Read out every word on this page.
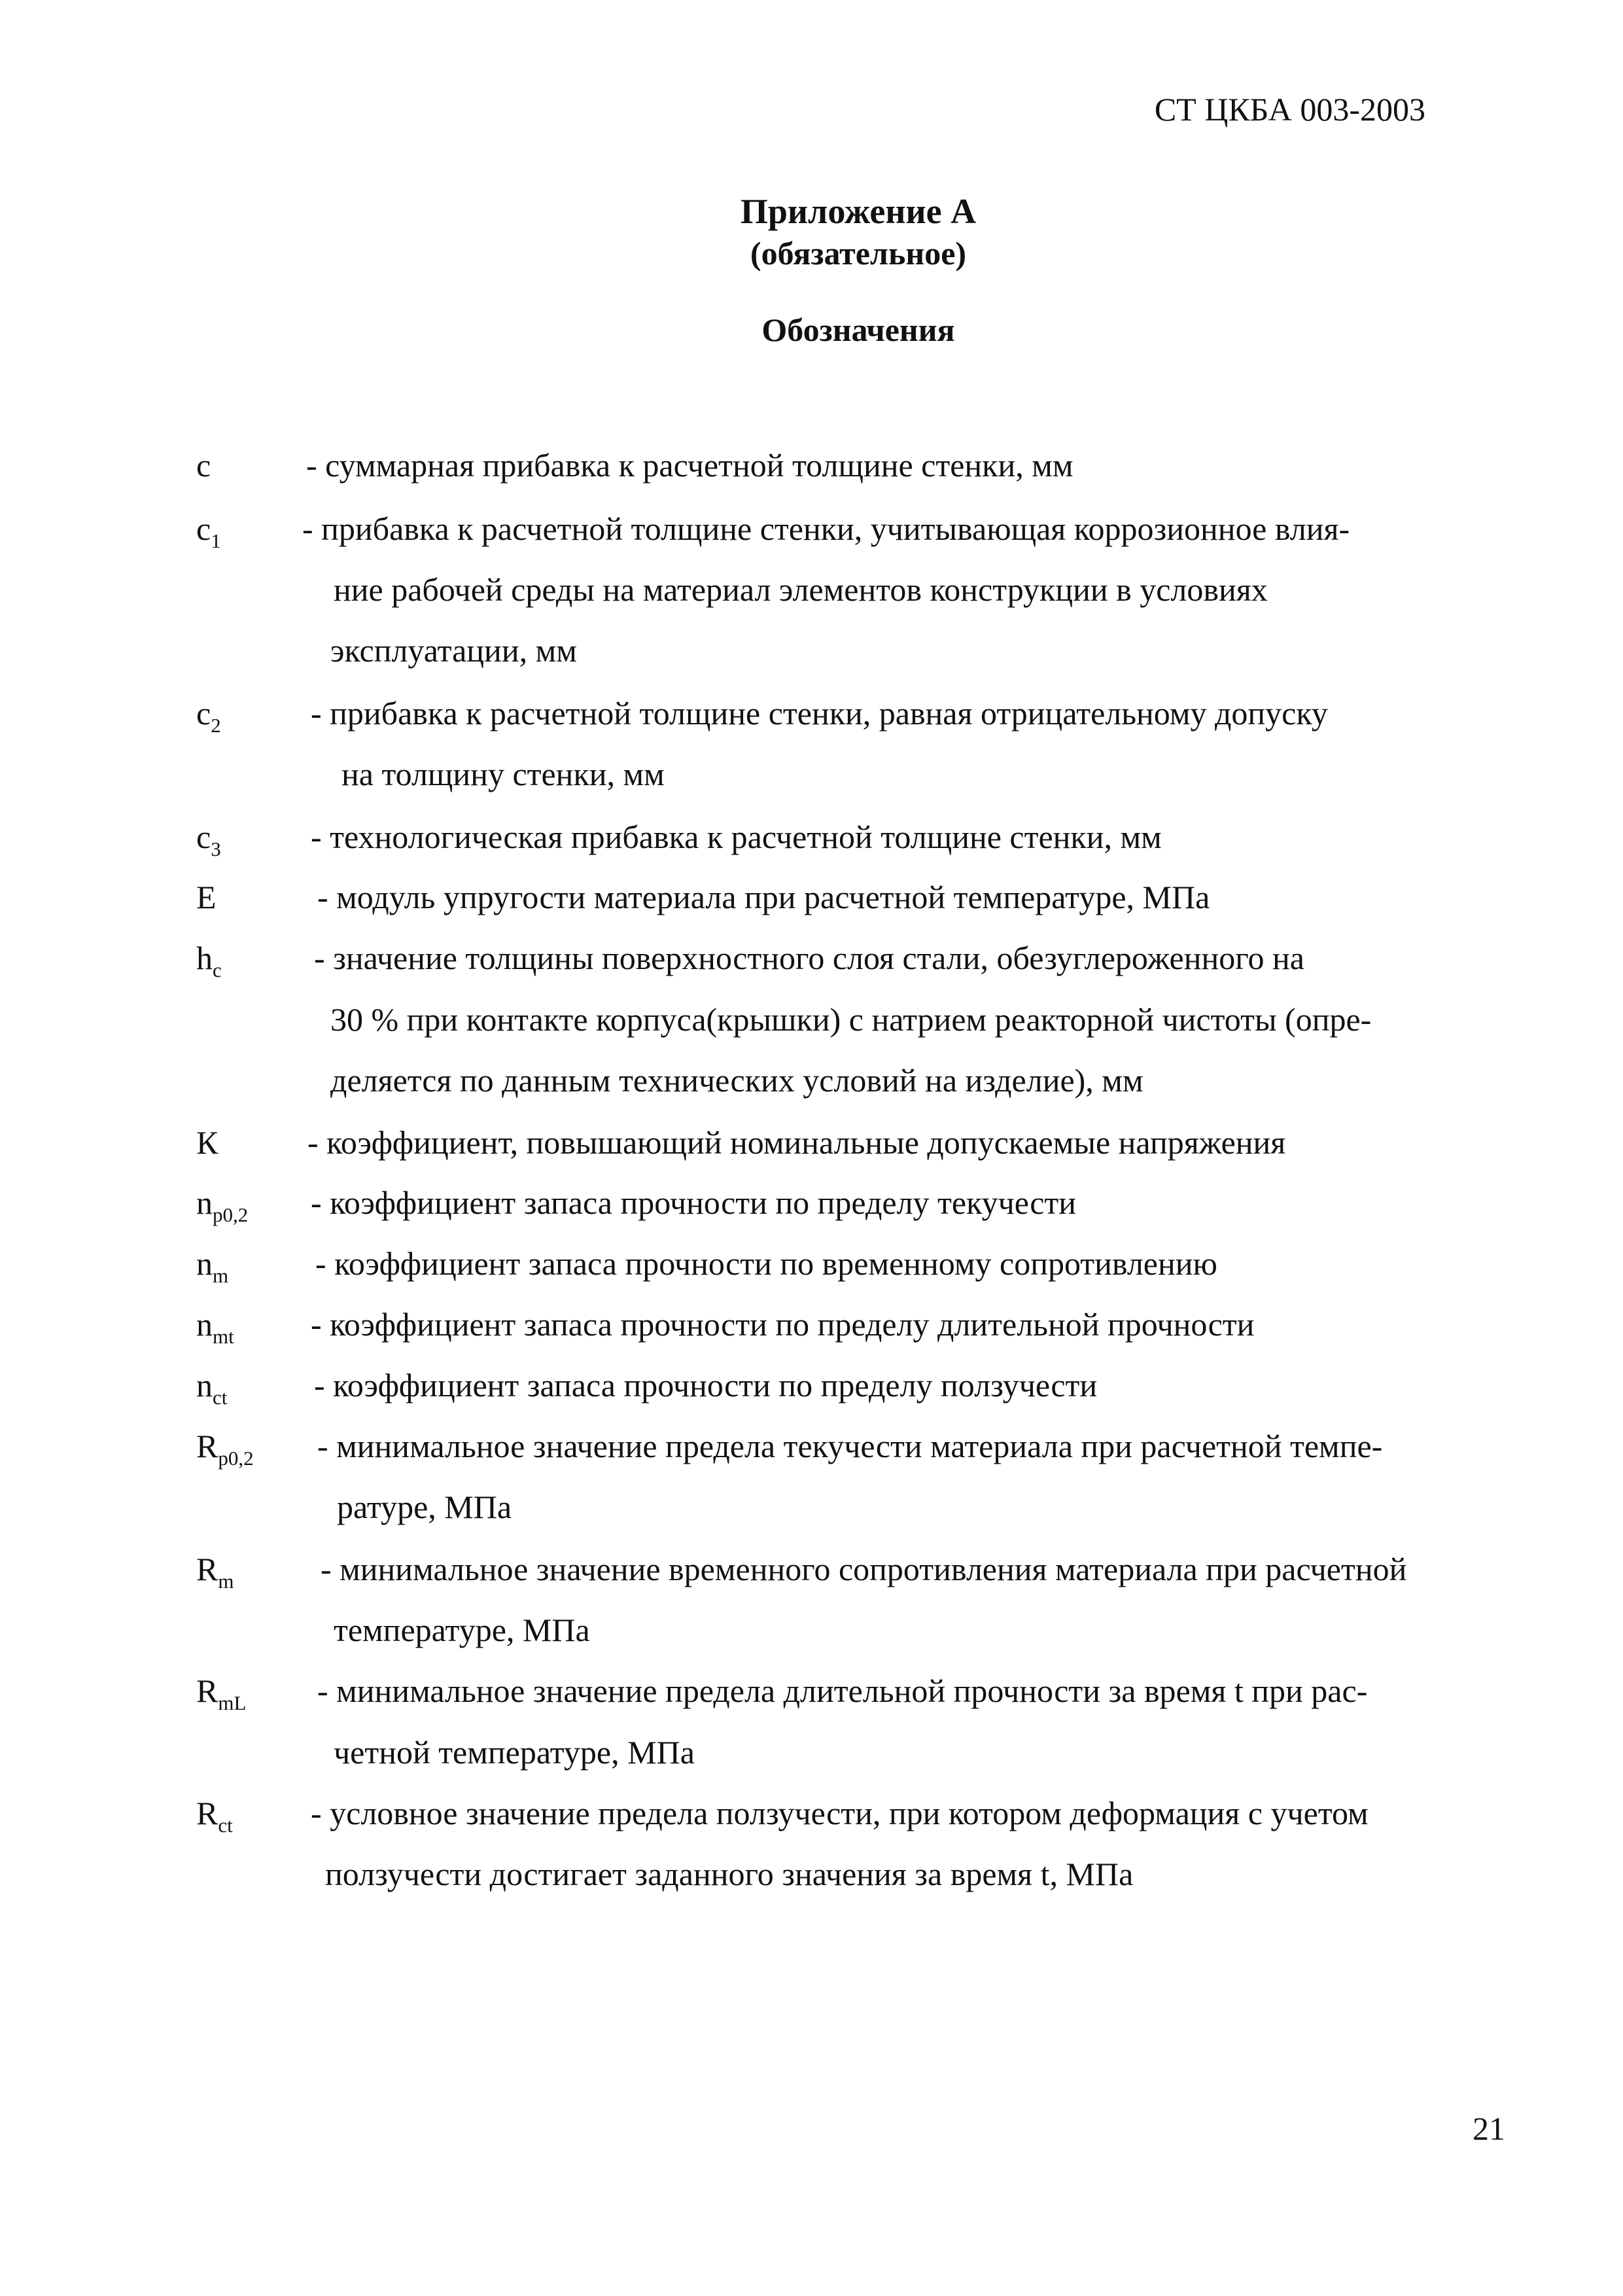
СТ ЦКБА 003-2003
Приложение А
(обязательное)
Обозначения
c	- суммарная прибавка к расчетной толщине стенки, мм
$c_1$ - прибавка к расчетной толщине стенки, учитывающая коррозионное влия-
ние рабочей среды на материал элементов конструкции в условиях
эксплуатации, мм
$c_2$	- прибавка к расчетной толщине стенки, равная отрицательному допуску
на толщину стенки, мм
$c_3$	- технологическая прибавка к расчетной толщине стенки, мм
E	- модуль упругости материала при расчетной температуре, МПа
$h_c$	- значение толщины поверхностного слоя стали, обезуглероженного на
30 % при контакте корпуса(крышки) с натрием реакторной чистоты (опре-
деляется по данным технических условий на изделие), мм
К	- коэффициент, повышающий номинальные допускаемые напряжения
$n_{p0,2}$ - коэффициент запаса прочности по пределу текучести
$n_m$	- коэффициент запаса прочности по временному сопротивлению
$n_{mt}$ - коэффициент запаса прочности по пределу длительной прочности
$n_{ct}$	- коэффициент запаса прочности по пределу ползучести
$R_{p0,2}$ - минимальное значение предела текучести материала при расчетной темпе-
ратуре, МПа
$R_m$	- минимальное значение временного сопротивления материала при расчетной
температуре, МПа
$R_{mL}$ - минимальное значение предела длительной прочности за время t при рас-
четной температуре, МПа
$R_{ct}$ - условное значение предела ползучести, при котором деформация с учетом
ползучести достигает заданного значения за время t, МПа
21
